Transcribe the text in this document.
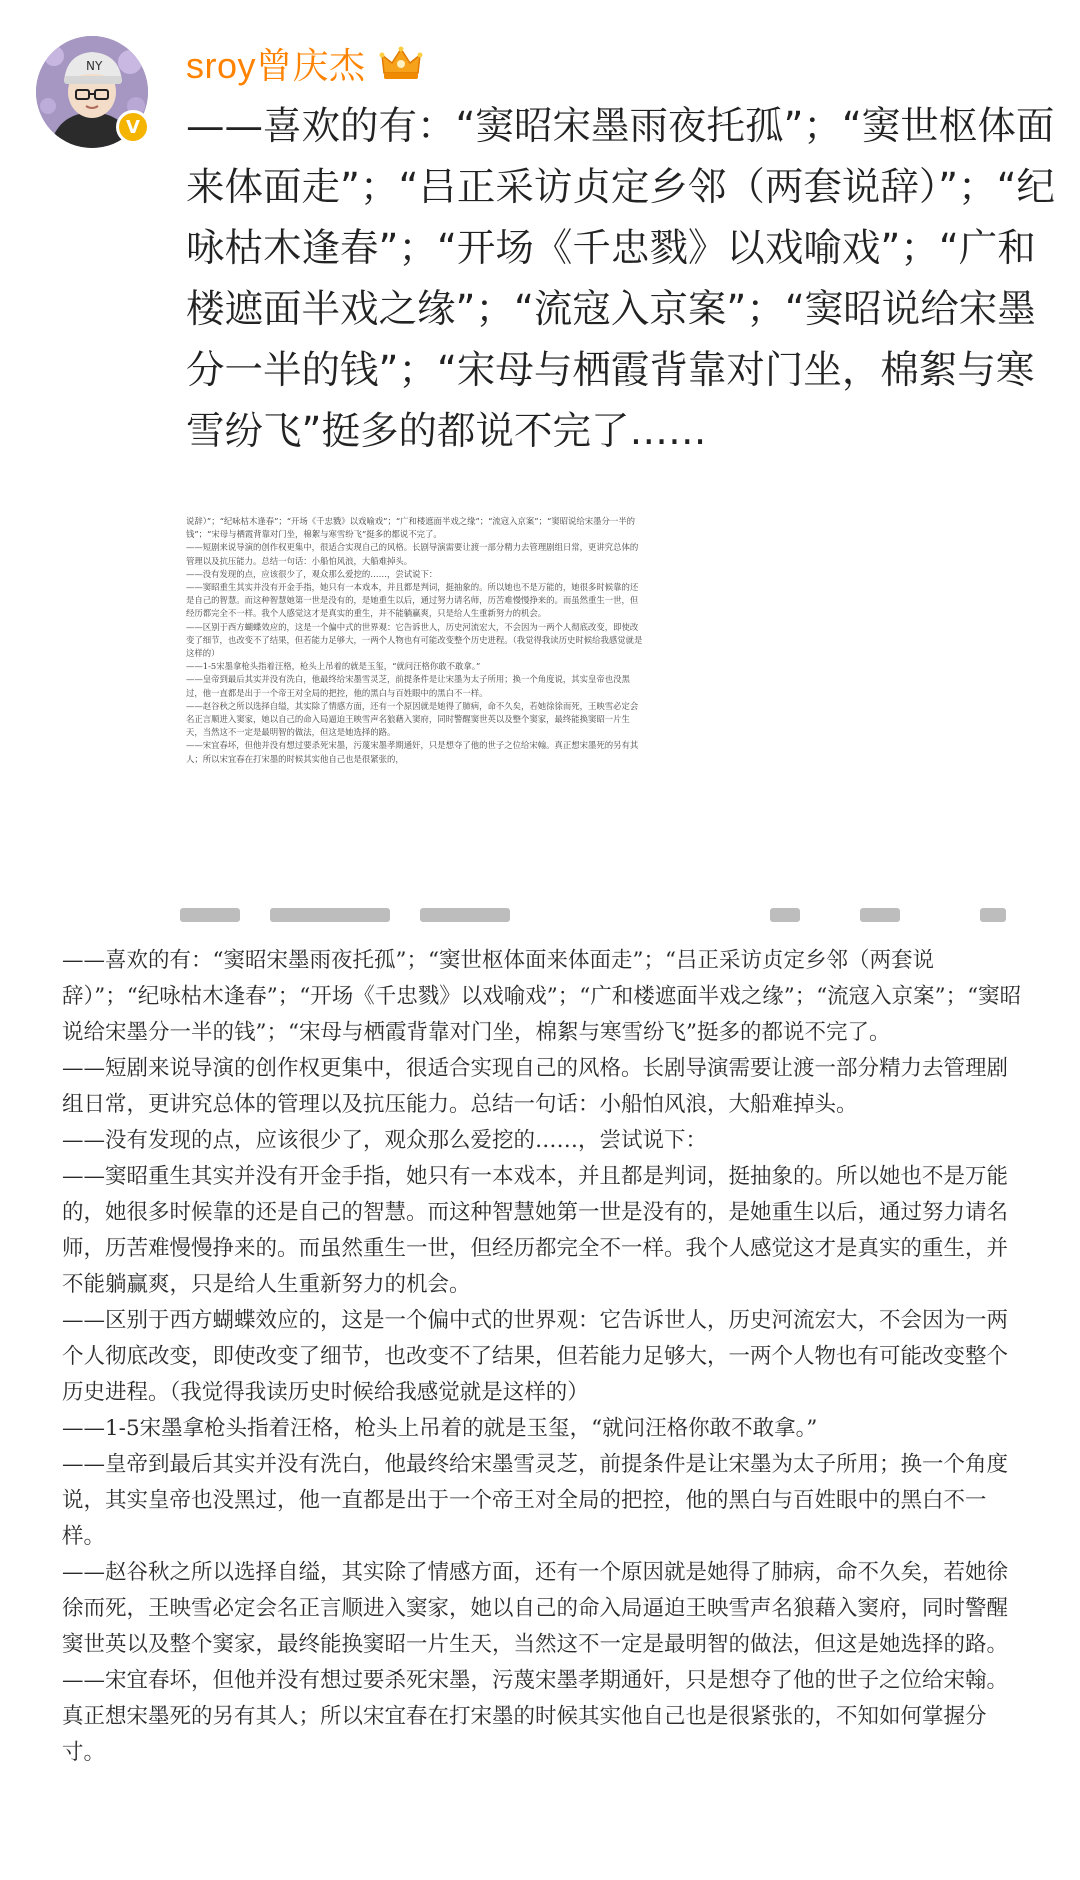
NY
V
sroy曾庆杰
——喜欢的有：“窦昭宋墨雨夜托孤”；“窦世枢体面来体面走”；“吕正采访贞定乡邻（两套说辞）”；“纪咏枯木逢春”；“开场《千忠戮》以戏喻戏”；“广和楼遮面半戏之缘”；“流寇入京案”；“窦昭说给宋墨分一半的钱”；“宋母与栖霞背靠对门坐，棉絮与寒雪纷飞”挺多的都说不完了……

说辞）”；“纪咏枯木逢春”；“开场《千忠戮》以戏喻戏”；“广和楼遮面半戏之缘”；“流寇入京案”；“窦昭说给宋墨分一半的钱”；“宋母与栖霞背靠对门坐，棉絮与寒雪纷飞”挺多的都说不完了。

——短剧来说导演的创作权更集中，很适合实现自己的风格。长剧导演需要让渡一部分精力去管理剧组日常，更讲究总体的管理以及抗压能力。总结一句话：小船怕风浪，大船难掉头。

——没有发现的点，应该很少了，观众那么爱挖的……，尝试说下：

——窦昭重生其实并没有开金手指，她只有一本戏本，并且都是判词，挺抽象的。所以她也不是万能的，她很多时候靠的还是自己的智慧。而这种智慧她第一世是没有的，是她重生以后，通过努力请名师，历苦难慢慢挣来的。而虽然重生一世，但经历都完全不一样。我个人感觉这才是真实的重生，并不能躺赢爽，只是给人生重新努力的机会。

——区别于西方蝴蝶效应的，这是一个偏中式的世界观：它告诉世人，历史河流宏大，不会因为一两个人彻底改变，即使改变了细节，也改变不了结果，但若能力足够大，一两个人物也有可能改变整个历史进程。（我觉得我读历史时候给我感觉就是这样的）

——1-5宋墨拿枪头指着汪格，枪头上吊着的就是玉玺，“就问汪格你敢不敢拿。”

——皇帝到最后其实并没有洗白，他最终给宋墨雪灵芝，前提条件是让宋墨为太子所用；换一个角度说，其实皇帝也没黑过，他一直都是出于一个帝王对全局的把控，他的黑白与百姓眼中的黑白不一样。

——赵谷秋之所以选择自缢，其实除了情感方面，还有一个原因就是她得了肺病，命不久矣，若她徐徐而死，王映雪必定会名正言顺进入窦家，她以自己的命入局逼迫王映雪声名狼藉入窦府，同时警醒窦世英以及整个窦家，最终能换窦昭一片生天，当然这不一定是最明智的做法，但这是她选择的路。

——宋宜春坏，但他并没有想过要杀死宋墨，污蔑宋墨孝期通奸，只是想夺了他的世子之位给宋翰。真正想宋墨死的另有其人；所以宋宜春在打宋墨的时候其实他自己也是很紧张的，

——喜欢的有：“窦昭宋墨雨夜托孤”；“窦世枢体面来体面走”；“吕正采访贞定乡邻（两套说辞）”；“纪咏枯木逢春”；“开场《千忠戮》以戏喻戏”；“广和楼遮面半戏之缘”；“流寇入京案”；“窦昭说给宋墨分一半的钱”；“宋母与栖霞背靠对门坐，棉絮与寒雪纷飞”挺多的都说不完了。

——短剧来说导演的创作权更集中，很适合实现自己的风格。长剧导演需要让渡一部分精力去管理剧组日常，更讲究总体的管理以及抗压能力。总结一句话：小船怕风浪，大船难掉头。

——没有发现的点，应该很少了，观众那么爱挖的……，尝试说下：

——窦昭重生其实并没有开金手指，她只有一本戏本，并且都是判词，挺抽象的。所以她也不是万能的，她很多时候靠的还是自己的智慧。而这种智慧她第一世是没有的，是她重生以后，通过努力请名师，历苦难慢慢挣来的。而虽然重生一世，但经历都完全不一样。我个人感觉这才是真实的重生，并不能躺赢爽，只是给人生重新努力的机会。

——区别于西方蝴蝶效应的，这是一个偏中式的世界观：它告诉世人，历史河流宏大，不会因为一两个人彻底改变，即使改变了细节，也改变不了结果，但若能力足够大，一两个人物也有可能改变整个历史进程。（我觉得我读历史时候给我感觉就是这样的）

——1-5宋墨拿枪头指着汪格，枪头上吊着的就是玉玺，“就问汪格你敢不敢拿。”

——皇帝到最后其实并没有洗白，他最终给宋墨雪灵芝，前提条件是让宋墨为太子所用；换一个角度说，其实皇帝也没黑过，他一直都是出于一个帝王对全局的把控，他的黑白与百姓眼中的黑白不一样。

——赵谷秋之所以选择自缢，其实除了情感方面，还有一个原因就是她得了肺病，命不久矣，若她徐徐而死，王映雪必定会名正言顺进入窦家，她以自己的命入局逼迫王映雪声名狼藉入窦府，同时警醒窦世英以及整个窦家，最终能换窦昭一片生天，当然这不一定是最明智的做法，但这是她选择的路。

——宋宜春坏，但他并没有想过要杀死宋墨，污蔑宋墨孝期通奸，只是想夺了他的世子之位给宋翰。真正想宋墨死的另有其人；所以宋宜春在打宋墨的时候其实他自己也是很紧张的，不知如何掌握分寸。
